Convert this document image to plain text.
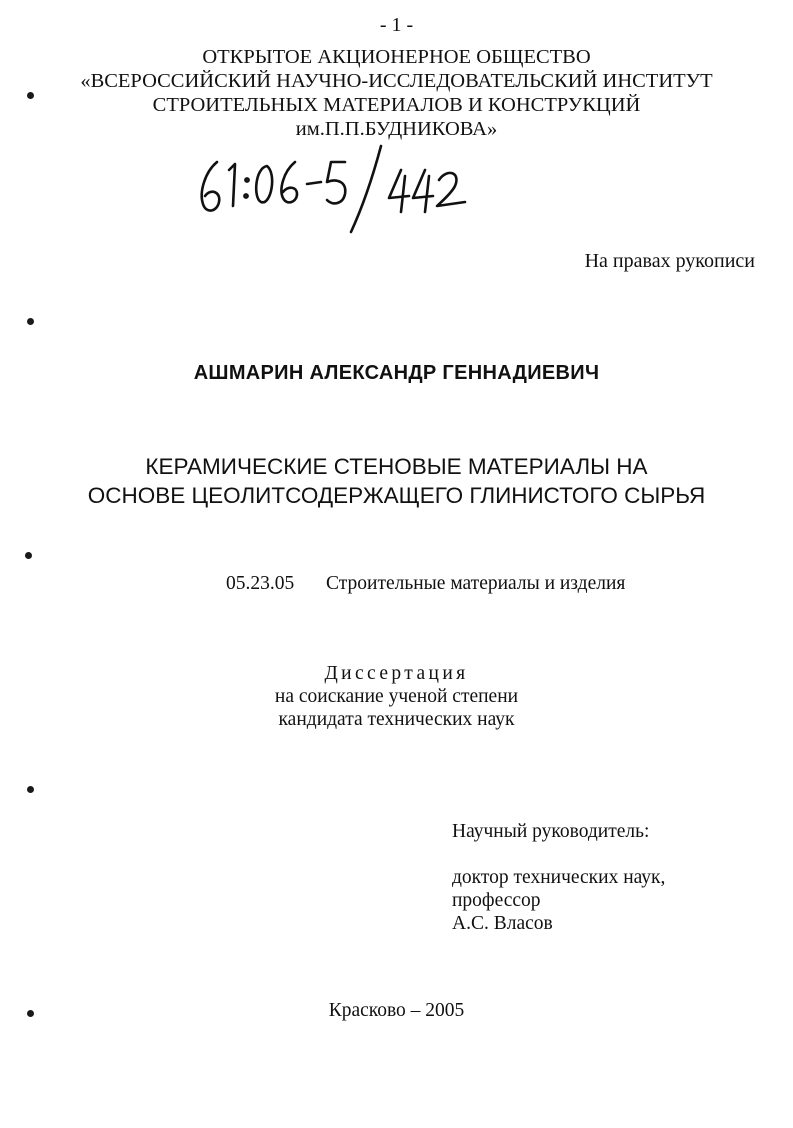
- 1 -
ОТКРЫТОЕ АКЦИОНЕРНОЕ ОБЩЕСТВО
«ВСЕРОССИЙСКИЙ НАУЧНО-ИССЛЕДОВАТЕЛЬСКИЙ ИНСТИТУТ
СТРОИТЕЛЬНЫХ МАТЕРИАЛОВ И КОНСТРУКЦИЙ
им.П.П.БУДНИКОВА»
На правах рукописи
АШМАРИН АЛЕКСАНДР ГЕННАДИЕВИЧ
КЕРАМИЧЕСКИЕ СТЕНОВЫЕ МАТЕРИАЛЫ НА
ОСНОВЕ ЦЕОЛИТСОДЕРЖАЩЕГО ГЛИНИСТОГО СЫРЬЯ
05.23.05 Строительные материалы и изделия
Диссертация
на соискание ученой степени
кандидата технических наук
Научный руководитель:
доктор технических наук,
профессор
А.С. Власов
Красково – 2005
